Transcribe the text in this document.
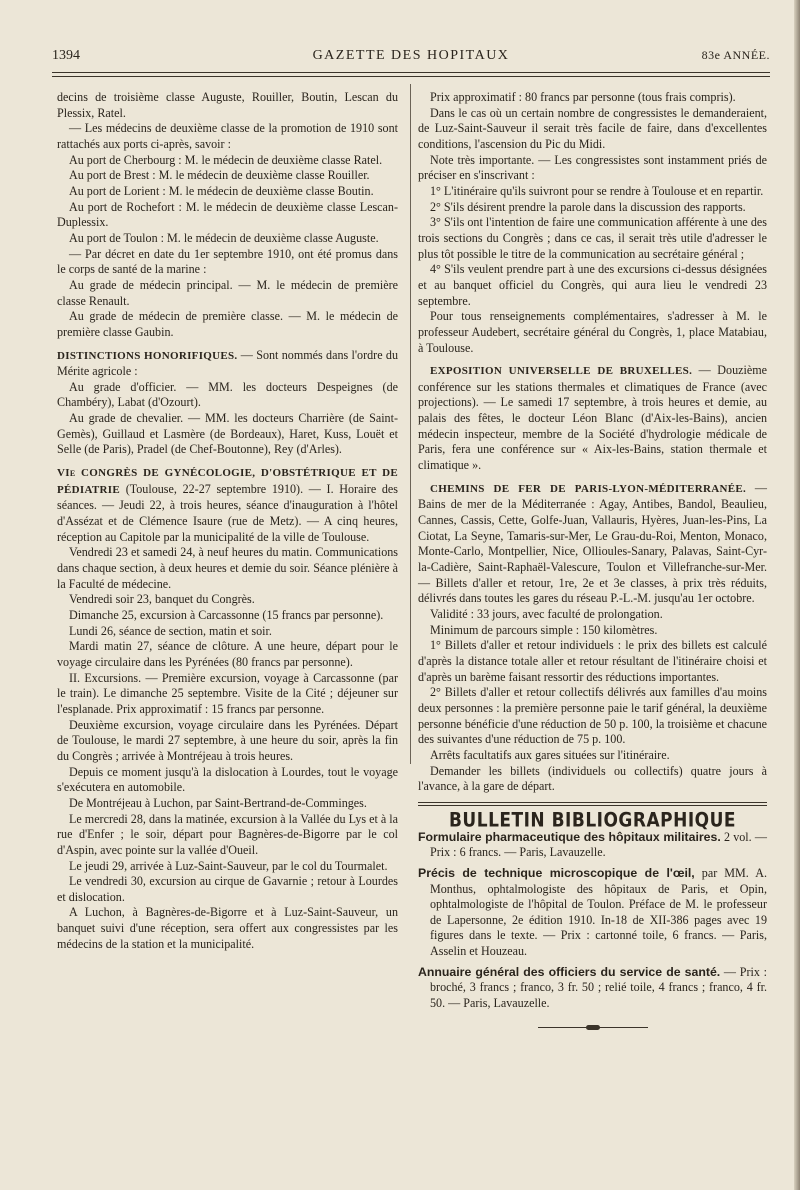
1394	GAZETTE DES HOPITAUX	83e ANNÉE.

decins de troisième classe Auguste, Rouiller, Boutin, Lescan du Plessix, Ratel.

— Les médecins de deuxième classe de la promotion de 1910 sont rattachés aux ports ci-après, savoir :

Au port de Cherbourg : M. le médecin de deuxième classe Ratel.

Au port de Brest : M. le médecin de deuxième classe Rouiller.

Au port de Lorient : M. le médecin de deuxième classe Boutin.

Au port de Rochefort : M. le médecin de deuxième classe Lescan-Duplessix.

Au port de Toulon : M. le médecin de deuxième classe Auguste.

— Par décret en date du 1er septembre 1910, ont été promus dans le corps de santé de la marine :

Au grade de médecin principal. — M. le médecin de première classe Renault.

Au grade de médecin de première classe. — M. le médecin de première classe Gaubin.

DISTINCTIONS HONORIFIQUES. — Sont nommés dans l'ordre du Mérite agricole :

Au grade d'officier. — MM. les docteurs Despeignes (de Chambéry), Labat (d'Ozourt).

Au grade de chevalier. — MM. les docteurs Charrière (de Saint-Gemès), Guillaud et Lasmère (de Bordeaux), Haret, Kuss, Louët et Selle (de Paris), Pradel (de Chef-Boutonne), Rey (d'Arles).

VIe CONGRÈS DE GYNÉCOLOGIE, D'OBSTÉTRIQUE ET DE PÉDIATRIE (Toulouse, 22-27 septembre 1910). — I. Horaire des séances. — Jeudi 22, à trois heures, séance d'inauguration à l'hôtel d'Assézat et de Clémence Isaure (rue de Metz). — A cinq heures, réception au Capitole par la municipalité de la ville de Toulouse.

Vendredi 23 et samedi 24, à neuf heures du matin. Communications dans chaque section, à deux heures et demie du soir. Séance plénière à la Faculté de médecine.

Vendredi soir 23, banquet du Congrès.

Dimanche 25, excursion à Carcassonne (15 francs par personne).

Lundi 26, séance de section, matin et soir.

Mardi matin 27, séance de clôture. A une heure, départ pour le voyage circulaire dans les Pyrénées (80 francs par personne).

II. Excursions. — Première excursion, voyage à Carcassonne (par le train). Le dimanche 25 septembre. Visite de la Cité ; déjeuner sur l'esplanade. Prix approximatif : 15 francs par personne.

Deuxième excursion, voyage circulaire dans les Pyrénées. Départ de Toulouse, le mardi 27 septembre, à une heure du soir, après la fin du Congrès ; arrivée à Montréjeau à trois heures.

Depuis ce moment jusqu'à la dislocation à Lourdes, tout le voyage s'exécutera en automobile.

De Montréjeau à Luchon, par Saint-Bertrand-de-Comminges.

Le mercredi 28, dans la matinée, excursion à la Vallée du Lys et à la rue d'Enfer ; le soir, départ pour Bagnères-de-Bigorre par le col d'Aspin, avec pointe sur la vallée d'Oueil.

Le jeudi 29, arrivée à Luz-Saint-Sauveur, par le col du Tourmalet.

Le vendredi 30, excursion au cirque de Gavarnie ; retour à Lourdes et dislocation.

A Luchon, à Bagnères-de-Bigorre et à Luz-Saint-Sauveur, un banquet suivi d'une réception, sera offert aux congressistes par les médecins de la station et la municipalité.

Prix approximatif : 80 francs par personne (tous frais compris).

Dans le cas où un certain nombre de congressistes le demanderaient, de Luz-Saint-Sauveur il serait très facile de faire, dans d'excellentes conditions, l'ascension du Pic du Midi.

Note très importante. — Les congressistes sont instamment priés de préciser en s'inscrivant :

1° L'itinéraire qu'ils suivront pour se rendre à Toulouse et en repartir.

2° S'ils désirent prendre la parole dans la discussion des rapports.

3° S'ils ont l'intention de faire une communication afférente à une des trois sections du Congrès ; dans ce cas, il serait très utile d'adresser le plus tôt possible le titre de la communication au secrétaire général ;

4° S'ils veulent prendre part à une des excursions ci-dessus désignées et au banquet officiel du Congrès, qui aura lieu le vendredi 23 septembre.

Pour tous renseignements complémentaires, s'adresser à M. le professeur Audebert, secrétaire général du Congrès, 1, place Matabiau, à Toulouse.

EXPOSITION UNIVERSELLE DE BRUXELLES. — Douzième conférence sur les stations thermales et climatiques de France (avec projections). — Le samedi 17 septembre, à trois heures et demie, au palais des fêtes, le docteur Léon Blanc (d'Aix-les-Bains), ancien médecin inspecteur, membre de la Société d'hydrologie médicale de Paris, fera une conférence sur « Aix-les-Bains, station thermale et climatique ».

CHEMINS DE FER DE PARIS-LYON-MÉDITERRANÉE. — Bains de mer de la Méditerranée : Agay, Antibes, Bandol, Beaulieu, Cannes, Cassis, Cette, Golfe-Juan, Vallauris, Hyères, Juan-les-Pins, La Ciotat, La Seyne, Tamaris-sur-Mer, Le Grau-du-Roi, Menton, Monaco, Monte-Carlo, Montpellier, Nice, Ollioules-Sanary, Palavas, Saint-Cyr-la-Cadière, Saint-Raphaël-Valescure, Toulon et Villefranche-sur-Mer. — Billets d'aller et retour, 1re, 2e et 3e classes, à prix très réduits, délivrés dans toutes les gares du réseau P.-L.-M. jusqu'au 1er octobre.

Validité : 33 jours, avec faculté de prolongation.

Minimum de parcours simple : 150 kilomètres.

1° Billets d'aller et retour individuels : le prix des billets est calculé d'après la distance totale aller et retour résultant de l'itinéraire choisi et d'après un barème faisant ressortir des réductions importantes.

2° Billets d'aller et retour collectifs délivrés aux familles d'au moins deux personnes : la première personne paie le tarif général, la deuxième personne bénéficie d'une réduction de 50 p. 100, la troisième et chacune des suivantes d'une réduction de 75 p. 100.

Arrêts facultatifs aux gares situées sur l'itinéraire.

Demander les billets (individuels ou collectifs) quatre jours à l'avance, à la gare de départ.

BULLETIN BIBLIOGRAPHIQUE

Formulaire pharmaceutique des hôpitaux militaires. 2 vol. — Prix : 6 francs. — Paris, Lavauzelle.

Précis de technique microscopique de l'œil, par MM. A. Monthus, ophtalmologiste des hôpitaux de Paris, et Opin, ophtalmologiste de l'hôpital de Toulon. Préface de M. le professeur de Lapersonne, 2e édition 1910. In-18 de XII-386 pages avec 19 figures dans le texte. — Prix : cartonné toile, 6 francs. — Paris, Asselin et Houzeau.

Annuaire général des officiers du service de santé. — Prix : broché, 3 francs ; franco, 3 fr. 50 ; relié toile, 4 francs ; franco, 4 fr. 50. — Paris, Lavauzelle.
